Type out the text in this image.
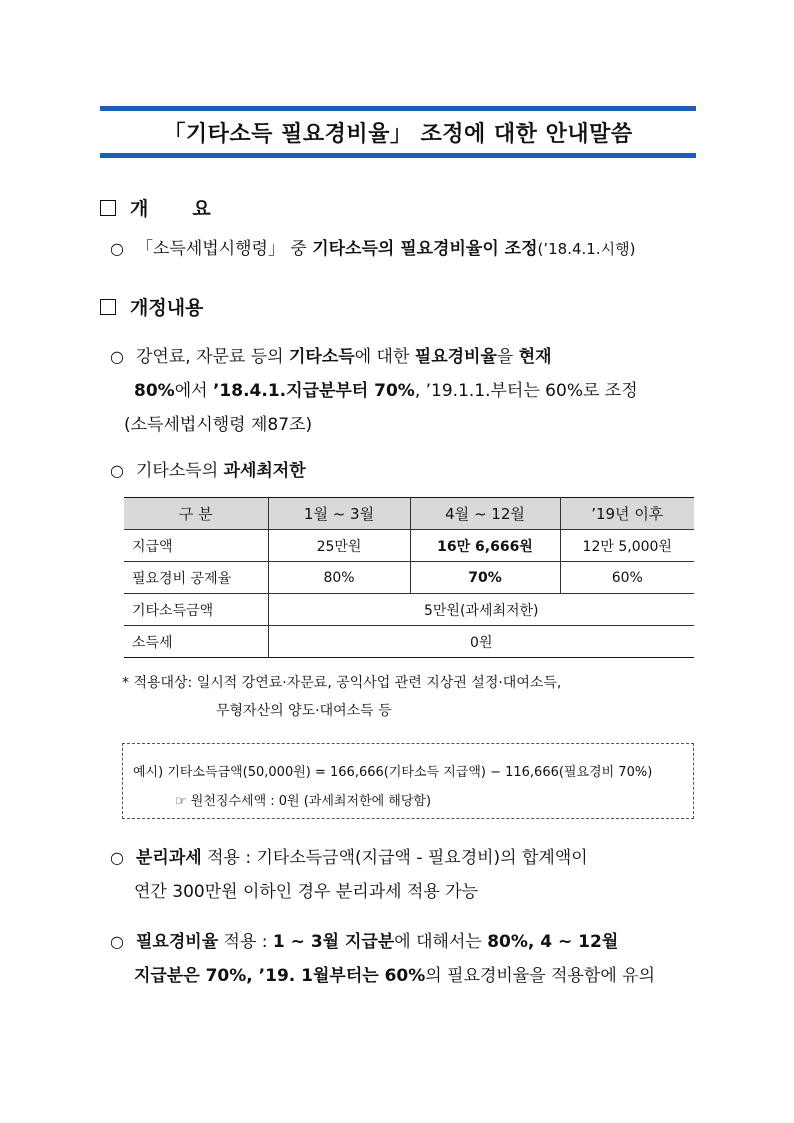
「기타소득 필요경비율」 조정에 대한 안내말씀
개 요
○ 「소득세법시행령」 중 기타소득의 필요경비율이 조정(’18.4.1.시행)
개정내용
○ 강연료, 자문료 등의 기타소득에 대한 필요경비율을 현재
80%에서 ’18.4.1.지급분부터 70%, ’19.1.1.부터는 60%로 조정
(소득세법시행령 제87조)
○ 기타소득의 과세최저한
구 분	1월 ~ 3월	4월 ~ 12월	’19년 이후
지급액	25만원	16만 6,666원	12만 5,000원
필요경비 공제율	80%	70%	60%
기타소득금액	5만원(과세최저한)		
소득세	0원		
* 적용대상: 일시적 강연료·자문료, 공익사업 관련 지상권 설정·대여소득,
무형자산의 양도·대여소득 등
예시) 기타소득금액(50,000원) = 166,666(기타소득 지급액) − 116,666(필요경비 70%)
☞ 원천징수세액 : 0원 (과세최저한에 해당함)
○ 분리과세 적용 : 기타소득금액(지급액 - 필요경비)의 합계액이
연간 300만원 이하인 경우 분리과세 적용 가능
○ 필요경비율 적용 : 1 ~ 3월 지급분에 대해서는 80%, 4 ~ 12월
지급분은 70%, ’19. 1월부터는 60%의 필요경비율을 적용함에 유의
